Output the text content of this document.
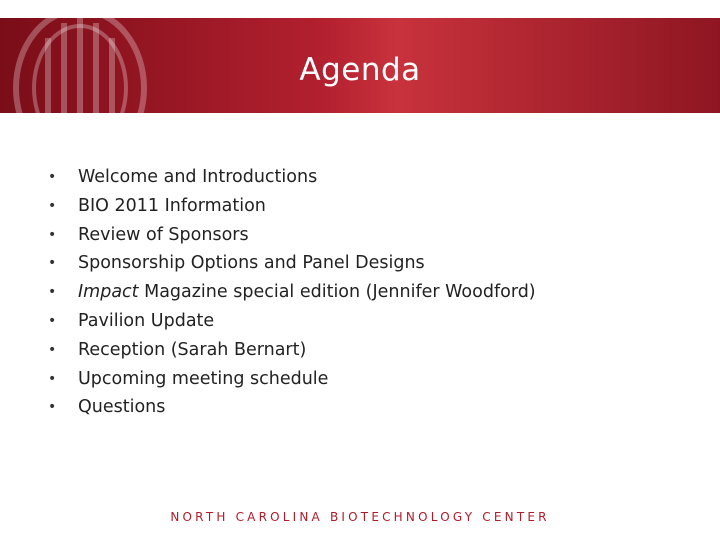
Agenda
• Welcome and Introductions
• BIO 2011 Information
• Review of Sponsors
• Sponsorship Options and Panel Designs
• Impact Magazine special edition (Jennifer Woodford)
• Pavilion Update
• Reception (Sarah Bernart)
• Upcoming meeting schedule
• Questions
NORTH CAROLINA BIOTECHNOLOGY CENTER
